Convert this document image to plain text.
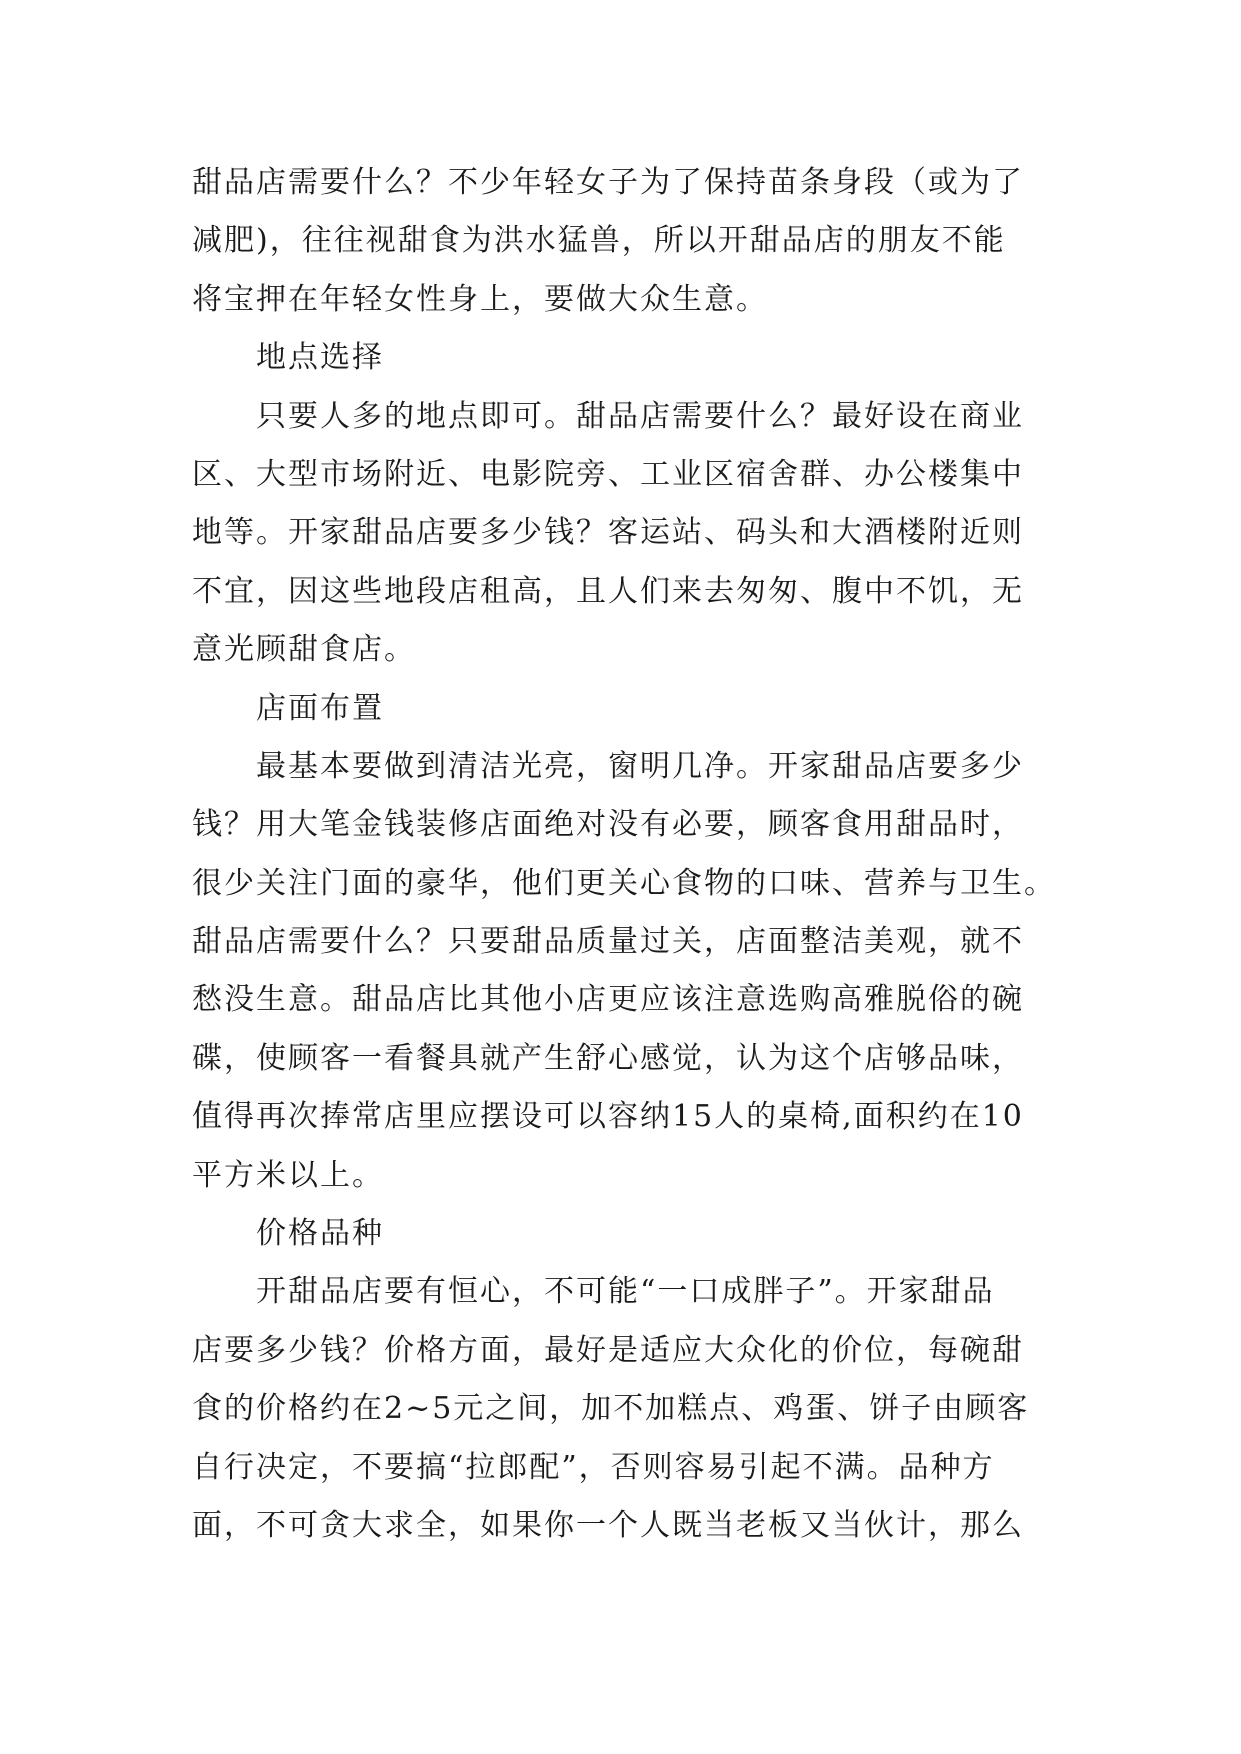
甜品店需要什么？不少年轻女子为了保持苗条身段（或为了
减肥)，往往视甜食为洪水猛兽，所以开甜品店的朋友不能
将宝押在年轻女性身上，要做大众生意。
地点选择
只要人多的地点即可。甜品店需要什么？最好设在商业
区、大型市场附近、电影院旁、工业区宿舍群、办公楼集中
地等。开家甜品店要多少钱？客运站、码头和大酒楼附近则
不宜，因这些地段店租高，且人们来去匆匆、腹中不饥，无
意光顾甜食店。
店面布置
最基本要做到清洁光亮，窗明几净。开家甜品店要多少
钱？用大笔金钱装修店面绝对没有必要，顾客食用甜品时，
很少关注门面的豪华，他们更关心食物的口味、营养与卫生。
甜品店需要什么？只要甜品质量过关，店面整洁美观，就不
愁没生意。甜品店比其他小店更应该注意选购高雅脱俗的碗
碟，使顾客一看餐具就产生舒心感觉，认为这个店够品味，
值得再次捧常店里应摆设可以容纳15人的桌椅,面积约在10
平方米以上。
价格品种
开甜品店要有恒心，不可能“一口成胖子”。开家甜品
店要多少钱？价格方面，最好是适应大众化的价位，每碗甜
食的价格约在2~5元之间，加不加糕点、鸡蛋、饼子由顾客
自行决定，不要搞“拉郎配”，否则容易引起不满。品种方
面，不可贪大求全，如果你一个人既当老板又当伙计，那么
